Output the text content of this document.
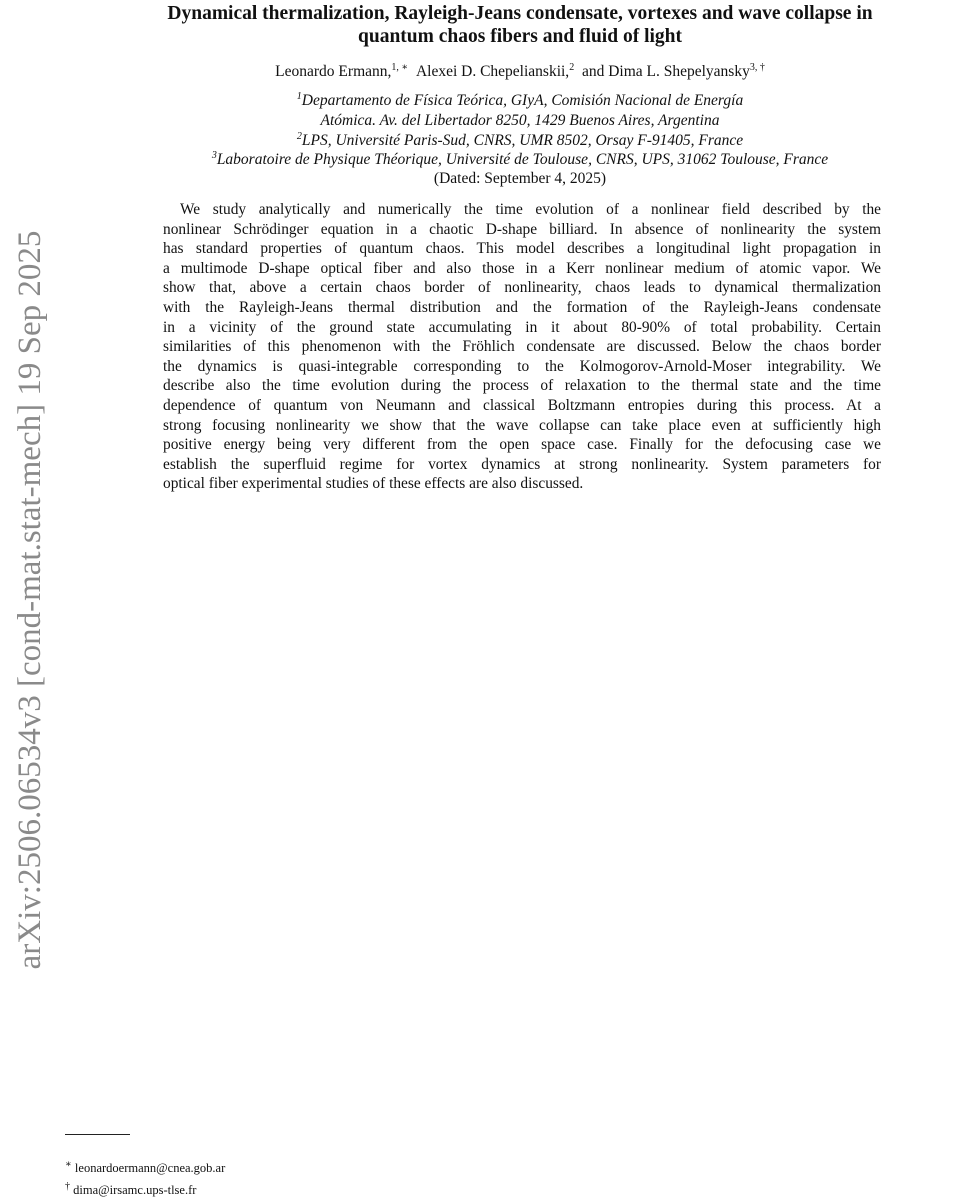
arXiv:2506.06534v3 [cond-mat.stat-mech] 19 Sep 2025
Dynamical thermalization, Rayleigh-Jeans condensate, vortexes and wave collapse in
quantum chaos fibers and fluid of light
Leonardo Ermann,$^{1, ∗}$ Alexei D. Chepelianskii,$^2$ and Dima L. Shepelyansky$^{3, \dagger}$
$^1$Departamento de Física Teórica, GIyA, Comisión Nacional de Energía
Atómica. Av. del Libertador 8250, 1429 Buenos Aires, Argentina
$^2$LPS, Université Paris-Sud, CNRS, UMR 8502, Orsay F-91405, France
$^3$Laboratoire de Physique Théorique, Université de Toulouse, CNRS, UPS, 31062 Toulouse, France
(Dated: September 4, 2025)
We study analytically and numerically the time evolution of a nonlinear field described by the
nonlinear Schrödinger equation in a chaotic D-shape billiard. In absence of nonlinearity the system
has standard properties of quantum chaos. This model describes a longitudinal light propagation in
a multimode D-shape optical fiber and also those in a Kerr nonlinear medium of atomic vapor. We
show that, above a certain chaos border of nonlinearity, chaos leads to dynamical thermalization
with the Rayleigh-Jeans thermal distribution and the formation of the Rayleigh-Jeans condensate
in a vicinity of the ground state accumulating in it about 80-90% of total probability. Certain
similarities of this phenomenon with the Fröhlich condensate are discussed. Below the chaos border
the dynamics is quasi-integrable corresponding to the Kolmogorov-Arnold-Moser integrability. We
describe also the time evolution during the process of relaxation to the thermal state and the time
dependence of quantum von Neumann and classical Boltzmann entropies during this process. At a
strong focusing nonlinearity we show that the wave collapse can take place even at sufficiently high
positive energy being very different from the open space case. Finally for the defocusing case we
establish the superfluid regime for vortex dynamics at strong nonlinearity. System parameters for
optical fiber experimental studies of these effects are also discussed.
∗ leonardoermann@cnea.gob.ar
† dima@irsamc.ups-tlse.fr
